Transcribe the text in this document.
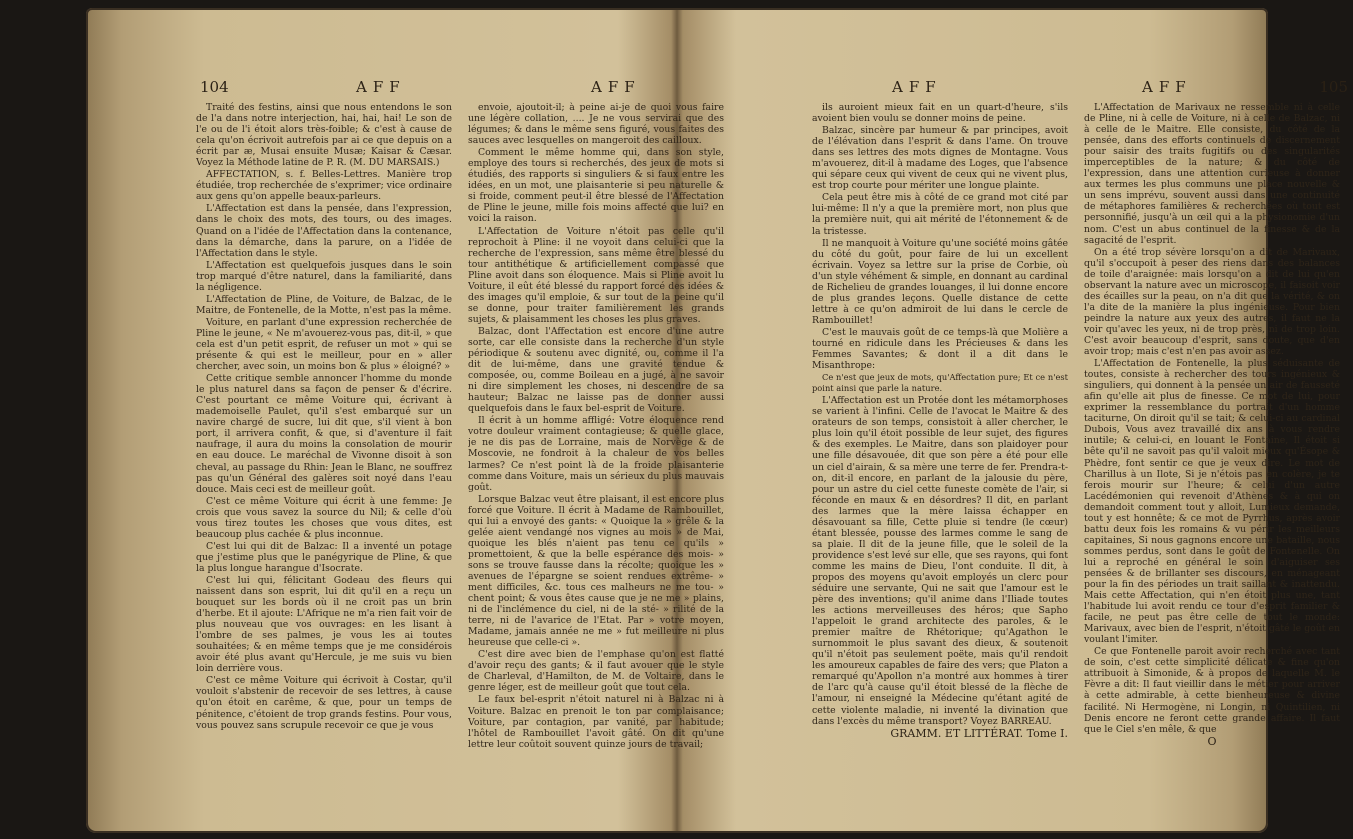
104	AFF	AFF

Traité des festins, ainsi que nous entendons le son de l'a dans notre interjection, hai, hai, hai! Le son de l'e ou de l'i étoit alors très-foible; & c'est à cause de cela qu'on écrivoit autrefois par ai ce que depuis on a écrit par æ, Musai ensuite Musæ; Kaisar & Cæsar. Voyez la Méthode latine de P. R. (M. DU MARSAIS.)

AFFECTATION, s. f. Belles-Lettres. Manière trop étudiée, trop recherchée de s'exprimer; vice ordinaire aux gens qu'on appelle beaux-parleurs.

L'Affectation est dans la pensée, dans l'expression, dans le choix des mots, des tours, ou des images. Quand on a l'idée de l'Affectation dans la contenance, dans la démarche, dans la parure, on a l'idée de l'Affectation dans le style.

L'Affectation est quelquefois jusques dans le soin trop marqué d'être naturel, dans la familiarité, dans la négligence.

L'Affectation de Pline, de Voiture, de Balzac, de le Maitre, de Fontenelle, de la Motte, n'est pas la même.

Voiture, en parlant d'une expression recherchée de Pline le jeune, « Ne m'avouerez-vous pas, dit-il, » que cela est d'un petit esprit, de refuser un mot » qui se présente & qui est le meilleur, pour en » aller chercher, avec soin, un moins bon & plus » éloigné? »

Cette critique semble annoncer l'homme du monde le plus naturel dans sa façon de penser & d'écrire. C'est pourtant ce même Voiture qui, écrivant à mademoiselle Paulet, qu'il s'est embarqué sur un navire chargé de sucre, lui dit que, s'il vient à bon port, il arrivera confit, & que, si d'aventure il fait naufrage, il aura du moins la consolation de mourir en eau douce. Le maréchal de Vivonne disoit à son cheval, au passage du Rhin: Jean le Blanc, ne souffrez pas qu'un Général des galères soit noyé dans l'eau douce. Mais ceci est de meilleur goût.

C'est ce même Voiture qui écrit à une femme: Je crois que vous savez la source du Nil; & celle d'où vous tirez toutes les choses que vous dites, est beaucoup plus cachée & plus inconnue.

C'est lui qui dit de Balzac: Il a inventé un potage que j'estime plus que le panégyrique de Pline, & que la plus longue harangue d'Isocrate.

C'est lui qui, félicitant Godeau des fleurs qui naissent dans son esprit, lui dit qu'il en a reçu un bouquet sur les bords où il ne croit pas un brin d'herbe. Et il ajoute: L'Afrique ne m'a rien fait voir de plus nouveau que vos ouvrages: en les lisant à l'ombre de ses palmes, je vous les ai toutes souhaitées; & en même temps que je me considérois avoir été plus avant qu'Hercule, je me suis vu bien loin derrière vous.

C'est ce même Voiture qui écrivoit à Costar, qu'il vouloit s'abstenir de recevoir de ses lettres, à cause qu'on étoit en carême, & que, pour un temps de pénitence, c'étoient de trop grands festins. Pour vous, vous pouvez sans scrupule recevoir ce que je vous

envoie, ajoutoit-il; à peine ai-je de quoi vous faire une légère collation, .... Je ne vous servirai que des légumes; & dans le même sens figuré, vous faites des sauces avec lesquelles on mangeroit des cailloux.

Comment le même homme qui, dans son style, employe des tours si recherchés, des jeux de mots si étudiés, des rapports si singuliers & si faux entre les idées, en un mot, une plaisanterie si peu naturelle & si froide, comment peut-il être blessé de l'Affectation de Pline le jeune, mille fois moins affecté que lui? en voici la raison.

L'Affectation de Voiture n'étoit pas celle qu'il reprochoit à Pline: il ne voyoit dans celui-ci que la recherche de l'expression, sans même être blessé du tour antithétique & artificiellement compassé que Pline avoit dans son éloquence. Mais si Pline avoit lu Voiture, il eût été blessé du rapport forcé des idées & des images qu'il emploie, & sur tout de la peine qu'il se donne, pour traiter familièrement les grands sujets, & plaisamment les choses les plus graves.

Balzac, dont l'Affectation est encore d'une autre sorte, car elle consiste dans la recherche d'un style périodique & soutenu avec dignité, ou, comme il l'a dit de lui-même, dans une gravité tendue & composée, ou, comme Boileau en a jugé, à ne savoir ni dire simplement les choses, ni descendre de sa hauteur; Balzac ne laisse pas de donner aussi quelquefois dans le faux bel-esprit de Voiture.

Il écrit à un homme affligé: Votre éloquence rend votre douleur vraiment contagieuse; & quelle glace, je ne dis pas de Lorraine, mais de Norvège & de Moscovie, ne fondroit à la chaleur de vos belles larmes? Ce n'est point là de la froide plaisanterie comme dans Voiture, mais un sérieux du plus mauvais goût.

Lorsque Balzac veut être plaisant, il est encore plus forcé que Voiture. Il écrit à Madame de Rambouillet, qui lui a envoyé des gants: « Quoique la » grêle & la gelée aient vendangé nos vignes au mois » de Mai, quoique les blés n'aient pas tenu ce qu'ils » promettoient, & que la belle espérance des mois- » sons se trouve fausse dans la récolte; quoique les » avenues de l'épargne se soient rendues extrême- » ment difficiles, &c. tous ces malheurs ne me tou- » chent point; & vous êtes cause que je ne me » plains, ni de l'inclémence du ciel, ni de la sté- » rilité de la terre, ni de l'avarice de l'Etat. Par » votre moyen, Madame, jamais année ne me » fut meilleure ni plus heureuse que celle-ci ».

C'est dire avec bien de l'emphase qu'on est flatté d'avoir reçu des gants; & il faut avouer que le style de Charleval, d'Hamilton, de M. de Voltaire, dans le genre léger, est de meilleur goût que tout cela.

Le faux bel-esprit n'étoit naturel ni à Balzac ni à Voiture. Balzac en prenoit le ton par complaisance; Voiture, par contagion, par vanité, par habitude; l'hôtel de Rambouillet l'avoit gâté. On dit qu'une lettre leur coûtoit souvent quinze jours de travail;

AFF	AFF	105

ils auroient mieux fait en un quart-d'heure, s'ils avoient bien voulu se donner moins de peine.

Balzac, sincère par humeur & par principes, avoit de l'élévation dans l'esprit & dans l'ame. On trouve dans ses lettres des mots dignes de Montagne. Vous m'avouerez, dit-il à madame des Loges, que l'absence qui sépare ceux qui vivent de ceux qui ne vivent plus, est trop courte pour mériter une longue plainte.

Cela peut être mis à côté de ce grand mot cité par lui-même: Il n'y a que la première mort, non plus que la première nuit, qui ait mérité de l'étonnement & de la tristesse.

Il ne manquoit à Voiture qu'une société moins gâtée du côté du goût, pour faire de lui un excellent écrivain. Voyez sa lettre sur la prise de Corbie, où d'un style véhément & simple, en donnant au cardinal de Richelieu de grandes louanges, il lui donne encore de plus grandes leçons. Quelle distance de cette lettre à ce qu'on admiroit de lui dans le cercle de Rambouillet!

C'est le mauvais goût de ce temps-là que Molière a tourné en ridicule dans les Précieuses & dans les Femmes Savantes; & dont il a dit dans le Misanthrope:

Ce n'est que jeux de mots, qu'Affectation pure; Et ce n'est point ainsi que parle la nature.

L'Affectation est un Protée dont les métamorphoses se varient à l'infini. Celle de l'avocat le Maitre & des orateurs de son temps, consistoit à aller chercher, le plus loin qu'il étoit possible de leur sujet, des figures & des exemples. Le Maitre, dans son plaidoyer pour une fille désavouée, dit que son père a été pour elle un ciel d'airain, & sa mère une terre de fer. Prendra-t-on, dit-il encore, en parlant de la jalousie du père, pour un astre du ciel cette funeste comète de l'air, si féconde en maux & en désordres? Il dit, en parlant des larmes que la mère laissa échapper en désavouant sa fille, Cette pluie si tendre (le cœur) étant blessée, pousse des larmes comme le sang de sa plaie. Il dit de la jeune fille, que le soleil de la providence s'est levé sur elle, que ses rayons, qui font comme les mains de Dieu, l'ont conduite. Il dit, à propos des moyens qu'avoit employés un clerc pour séduire une servante, Qui ne sait que l'amour est le père des inventions; qu'il anime dans l'Iliade toutes les actions merveilleuses des héros; que Sapho l'appeloit le grand architecte des paroles, & le premier maître de Rhétorique; qu'Agathon le surnommoit le plus savant des dieux, & soutenoit qu'il n'étoit pas seulement poëte, mais qu'il rendoit les amoureux capables de faire des vers; que Platon a remarqué qu'Apollon n'a montré aux hommes à tirer de l'arc qu'à cause qu'il étoit blessé de la flèche de l'amour, ni enseigné la Médecine qu'étant agité de cette violente maladie, ni inventé la divination que dans l'excès du même transport? Voyez BARREAU.

GRAMM. ET LITTÉRAT. Tome I.

L'Affectation de Marivaux ne ressemble ni à celle de Pline, ni à celle de Voiture, ni à celle de Balzac, ni à celle de le Maitre. Elle consiste, du côté de la pensée, dans des efforts continuels de discernement pour saisir des traits fugitifs ou des singularités imperceptibles de la nature; & du côté de l'expression, dans une attention curieuse à donner aux termes les plus communs une place nouvelle & un sens imprévu, souvent aussi dans une continuité de métaphores familières & recherchées où tout est personnifié, jusqu'à un œil qui a la physionomie d'un nom. C'est un abus continuel de la finesse & de la sagacité de l'esprit.

On a été trop sévère lorsqu'on a dit de Marivaux, qu'il s'occupoit à peser des riens dans des balances de toile d'araignée: mais lorsqu'on a dit de lui qu'en observant la nature avec un microscope, il faisoit voir des écailles sur la peau, on n'a dit que la vérité, & on l'a dite de la manière la plus ingénieuse. Pour bien peindre la nature aux yeux des autres, il faut ne la voir qu'avec les yeux, ni de trop près, ni de trop loin. C'est avoir beaucoup d'esprit, sans doute, que d'en avoir trop; mais c'est n'en pas avoir assez.

L'Affectation de Fontenelle, la plus séduisante de toutes, consiste à rechercher des tours ingénieux & singuliers, qui donnent à la pensée un air de fausseté afin qu'elle ait plus de finesse. Ce mot de lui, pour exprimer la ressemblance du portrait d'un homme taciturne, On diroit qu'il se tait; & celui-ci au cardinal Dubois, Vous avez travaillé dix ans à vous rendre inutile; & celui-ci, en louant le Fontaine, Il étoit si bête qu'il ne savoit pas qu'il valoit mieux qu'Ésope & Phèdre, font sentir ce que je veux dire. Le mot de Charillus à un Ilote, Si je n'étois pas en colère, je te ferois mourir sur l'heure; & celui d'un autre Lacédémonien qui revenoit d'Athènes & à qui on demandoit comment tout y alloit, Lumieux demande, tout y est honnête; & ce mot de Pyrrhus, après avoir battu deux fois les romains & vu périr les meilleurs capitaines, Si nous gagnons encore une bataille, nous sommes perdus, sont dans le goût de Fontenelle. On lui a reproché en général le soin d'aiguiser ses pensées & de brillanter ses discours, en ménageant pour la fin des périodes un trait saillant & inattendu. Mais cette Affectation, qui n'en étoit plus une, tant l'habitude lui avoit rendu ce tour d'esprit familier & facile, ne peut pas être celle de tout le monde: Marivaux, avec bien de l'esprit, n'étoit gâté le goût en voulant l'imiter.

Ce que Fontenelle paroit avoir recherché avec tant de soin, c'est cette simplicité délicate & fine qu'on attribuoit à Simonide, & à propos de laquelle M. le Fèvre a dit: Il faut vieillir dans le métier pour arriver à cette admirable, à cette bienheureuse & divine facilité. Ni Hermogène, ni Longin, ni Quintilien, ni Denis encore ne feront cette grande affaire. Il faut que le Ciel s'en mêle, & que

O
